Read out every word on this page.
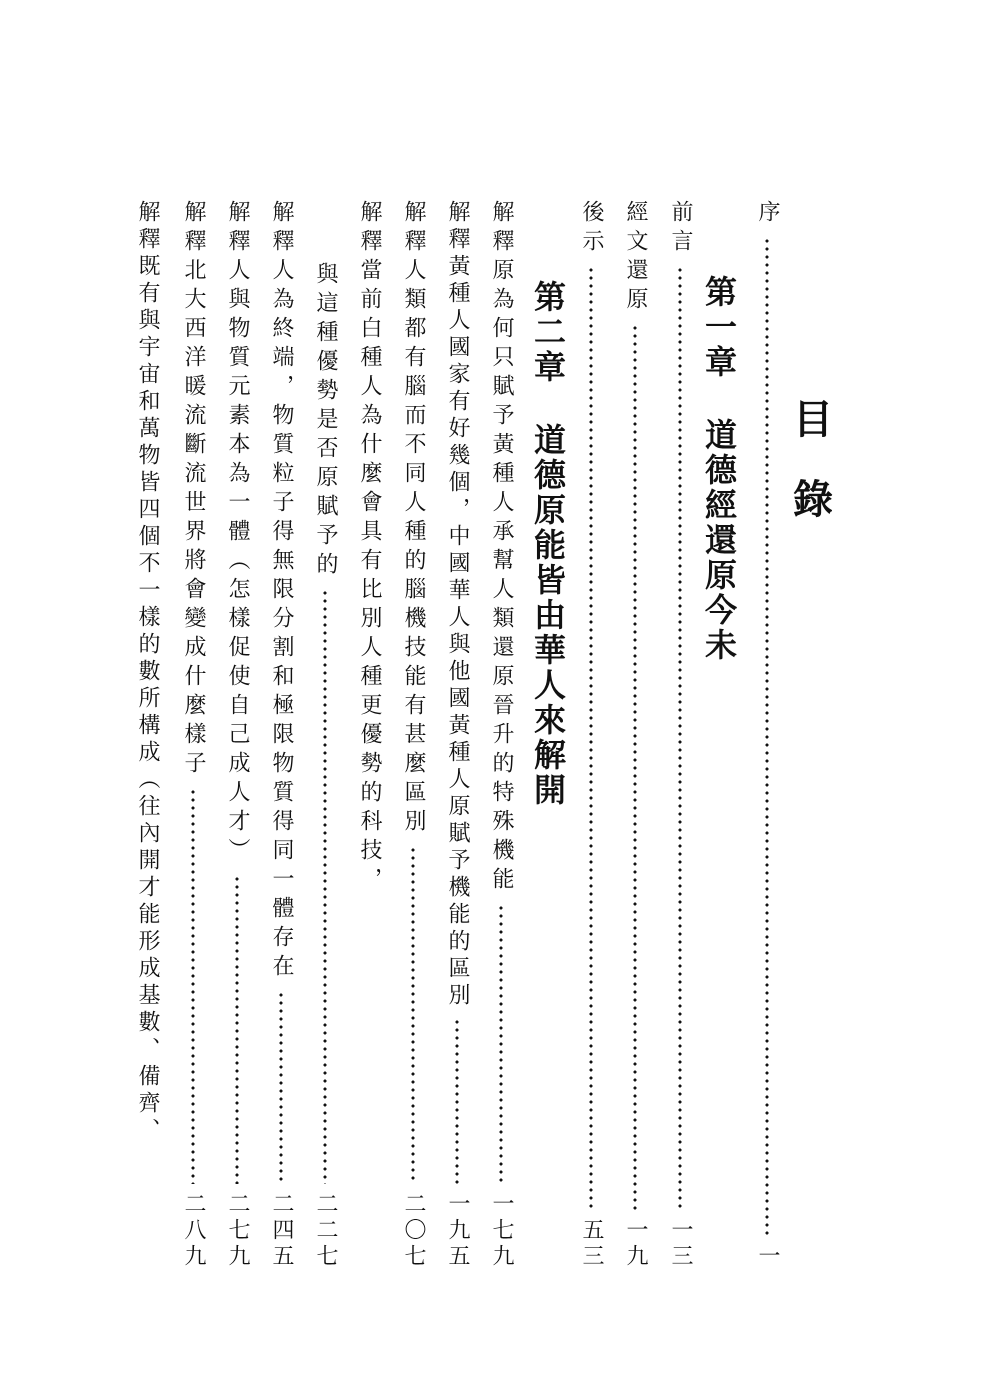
目
錄
序
一
第一章
道德經還原今未
前言
一三
經文還原
一九
後示
五三
第二章
道德原能皆由華人來解開
解釋原為何只賦予黃種人承幫人類還原晉升的特殊機能
一七九
解釋黃種人國家有好幾個，中國華人與他國黃種人原賦予機能的區別
一九五
解釋人類都有腦而不同人種的腦機技能有甚麼區別
二〇七
解釋當前白種人為什麼會具有比別人種更優勢的科技，
與這種優勢是否原賦予的
二二七
解釋人為終端，物質粒子得無限分割和極限物質得同一體存在
二四五
解釋人與物質元素本為一體（怎樣促使自己成人才）
二七九
解釋北大西洋暖流斷流世界將會變成什麼樣子
二八九
解釋既有與宇宙和萬物皆四個不一樣的數所構成（往內開才能形成基數、備齊、
